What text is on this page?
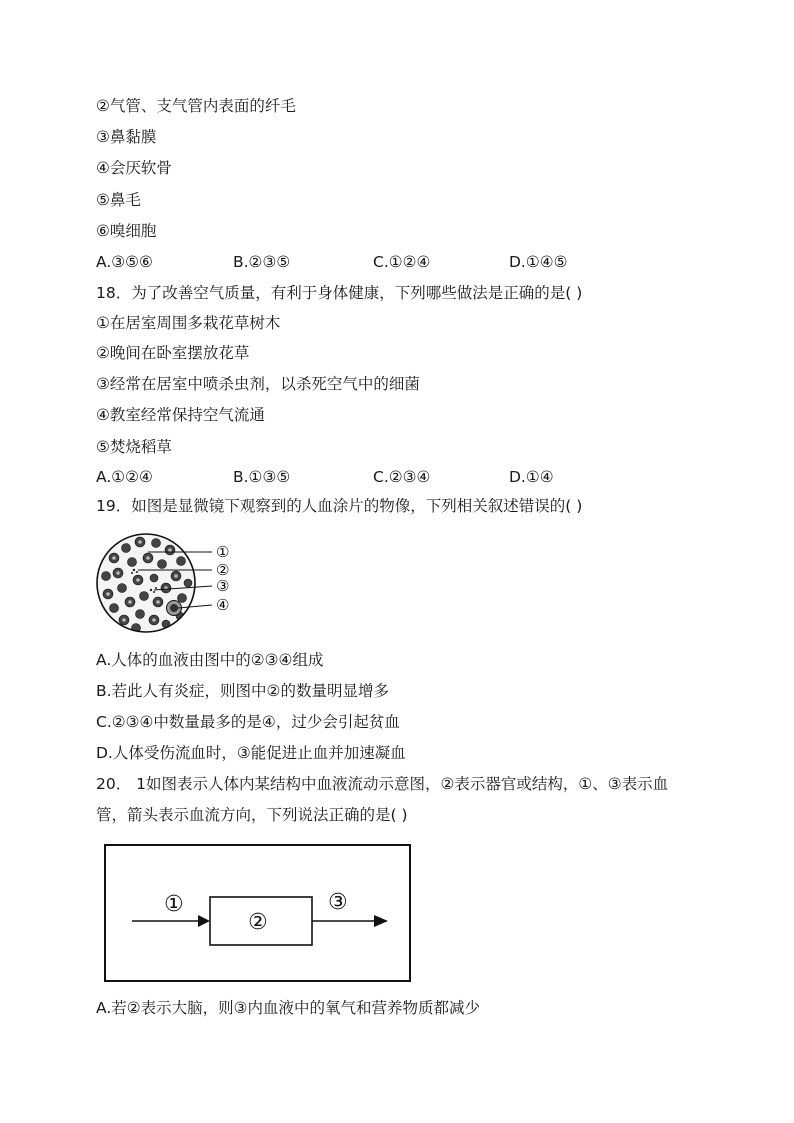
②气管、支气管内表面的纤毛
③鼻黏膜
④会厌软骨
⑤鼻毛
⑥嗅细胞
A.③⑤⑥	B.②③⑤	C.①②④	D.①④⑤
18．为了改善空气质量，有利于身体健康，下列哪些做法是正确的是( )
①在居室周围多栽花草树木
②晚间在卧室摆放花草
③经常在居室中喷杀虫剂，以杀死空气中的细菌
④教室经常保持空气流通
⑤焚烧稻草
A.①②④	B.①③⑤	C.②③④	D.①④
19．如图是显微镜下观察到的人血涂片的物像，下列相关叙述错误的( )
①
②
③
④
A.人体的血液由图中的②③④组成
B.若此人有炎症，则图中②的数量明显增多
C.②③④中数量最多的是④，过少会引起贫血
D.人体受伤流血时，③能促进止血并加速凝血
20． 1如图表示人体内某结构中血液流动示意图，②表示器官或结构，①、③表示血
管，箭头表示血流方向，下列说法正确的是( )
①
②
③
A.若②表示大脑，则③内血液中的氧气和营养物质都减少
